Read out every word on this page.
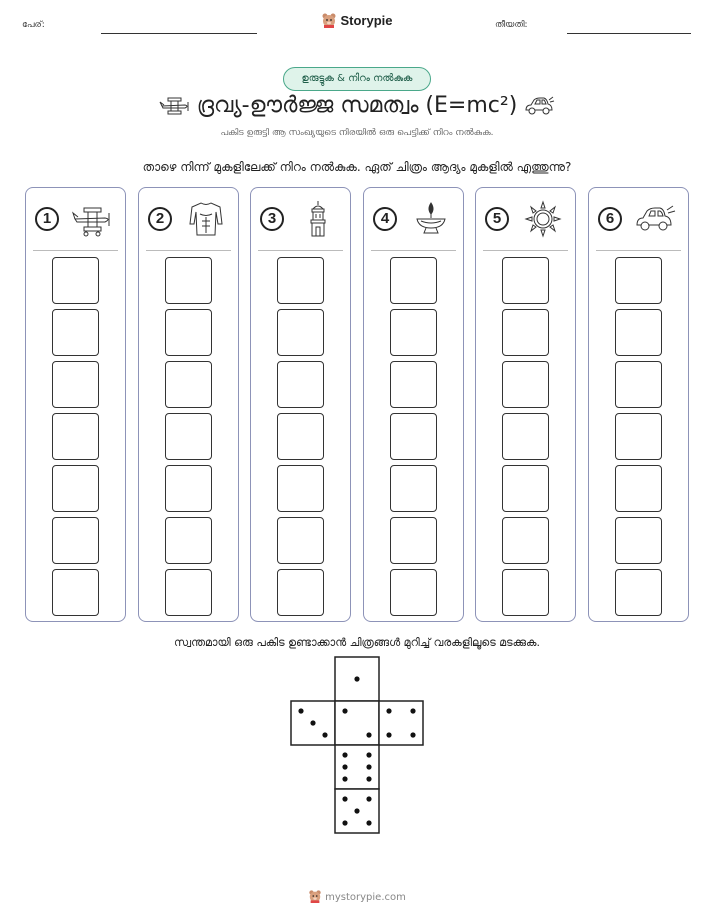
പേര്:	Storypie	തീയതി:
ഉരുട്ടുക & നിറം നൽകുക
ദ്രവ്യ-ഊർജ്ജ സമത്വം (E=mc²)
പകിട ഉരുട്ടി ആ സംഖ്യയുടെ നിരയിൽ ഒരു പെട്ടിക്ക് നിറം നൽകുക.
താഴെ നിന്ന് മുകളിലേക്ക് നിറം നൽകുക. ഏത് ചിത്രം ആദ്യം മുകളിൽ എത്തുന്നു?
1	2	3	4	5	6
സ്വന്തമായി ഒരു പകിട ഉണ്ടാക്കാൻ ചിത്രങ്ങൾ മുറിച്ച് വരകളിലൂടെ മടക്കുക.
mystorypie.com
